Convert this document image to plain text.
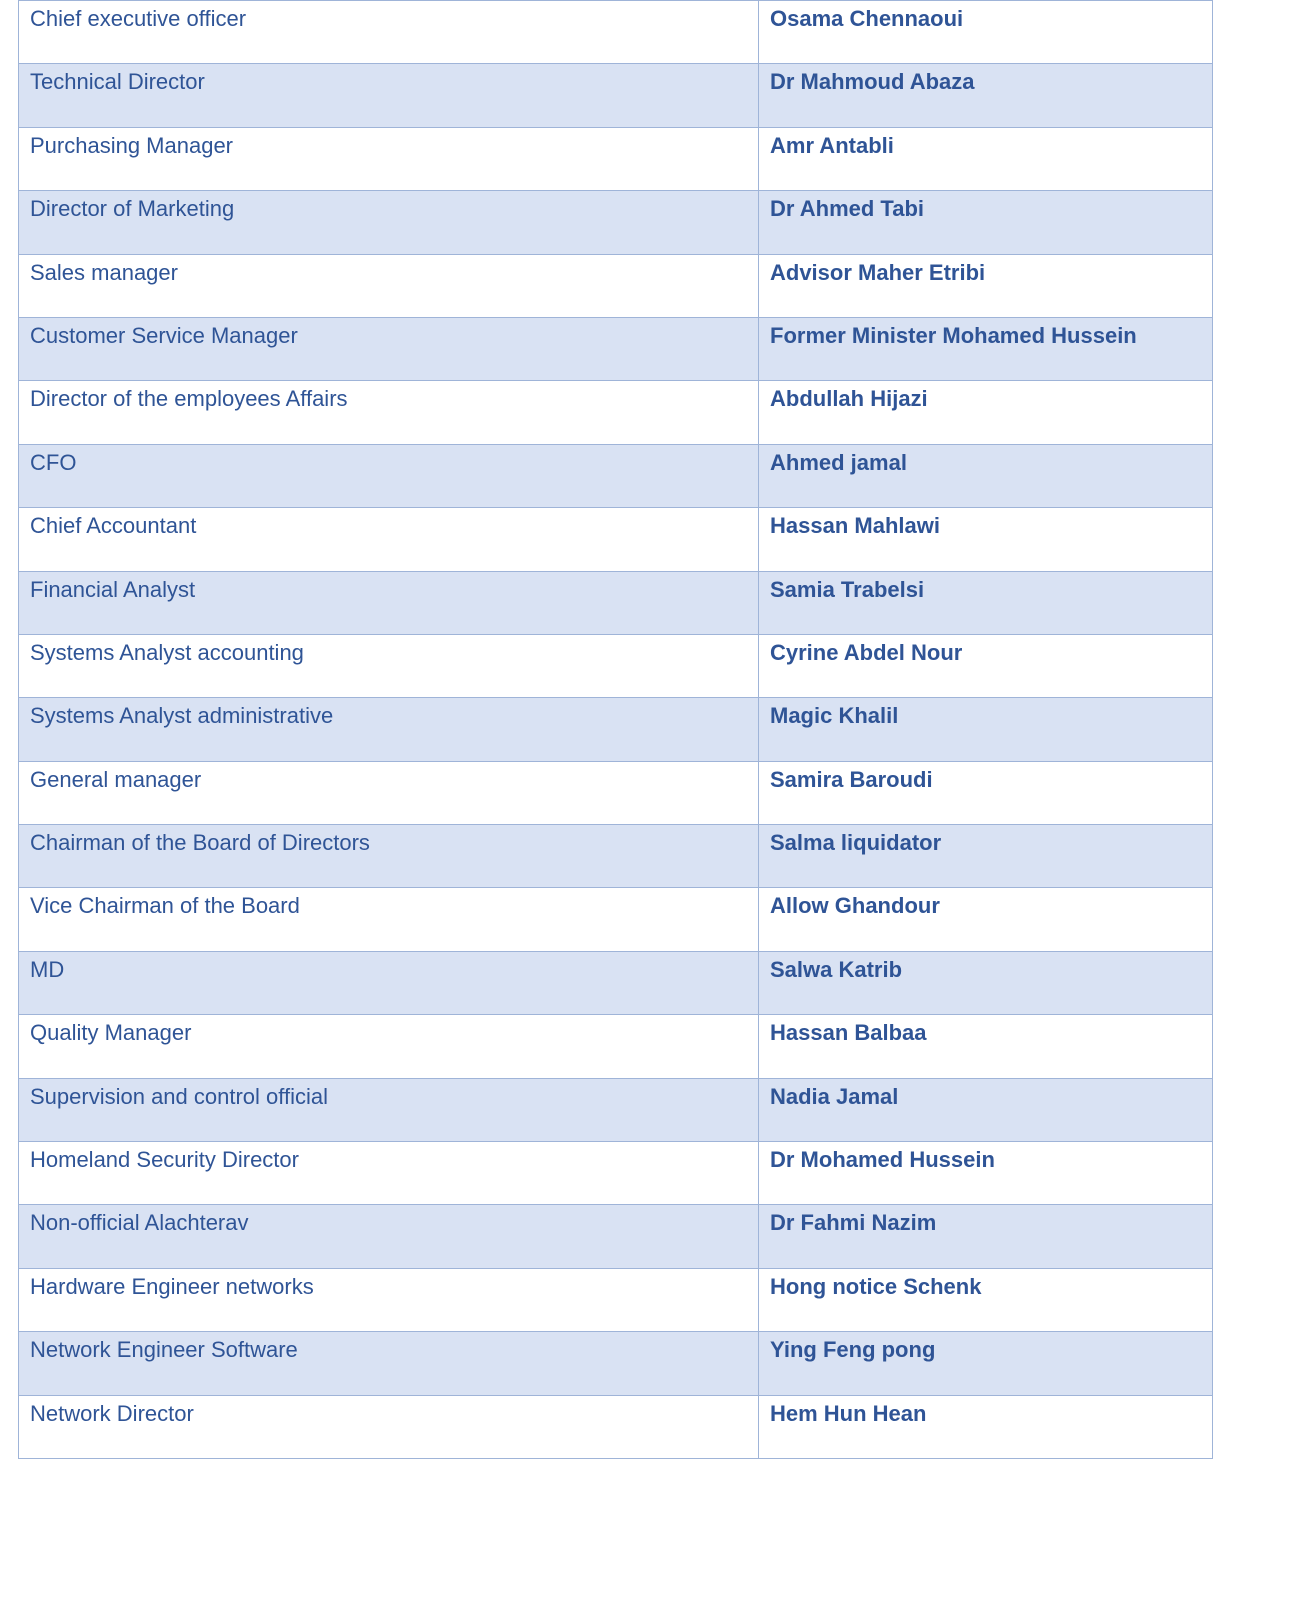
Chief executive officer	Osama Chennaoui
Technical Director	Dr Mahmoud Abaza
Purchasing Manager	Amr Antabli
Director of Marketing	Dr Ahmed Tabi
Sales manager	Advisor Maher Etribi
Customer Service Manager	Former Minister Mohamed Hussein
Director of the employees Affairs	Abdullah Hijazi
CFO	Ahmed jamal
Chief Accountant	Hassan Mahlawi
Financial Analyst	Samia Trabelsi
Systems Analyst accounting	Cyrine Abdel Nour
Systems Analyst administrative	Magic Khalil
General manager	Samira Baroudi
Chairman of the Board of Directors	Salma liquidator
Vice Chairman of the Board	Allow Ghandour
MD	Salwa Katrib
Quality Manager	Hassan Balbaa
Supervision and control official	Nadia Jamal
Homeland Security Director	Dr Mohamed Hussein
Non-official Alachterav	Dr Fahmi Nazim
Hardware Engineer networks	Hong notice Schenk
Network Engineer Software	Ying Feng pong
Network Director	Hem Hun Hean
